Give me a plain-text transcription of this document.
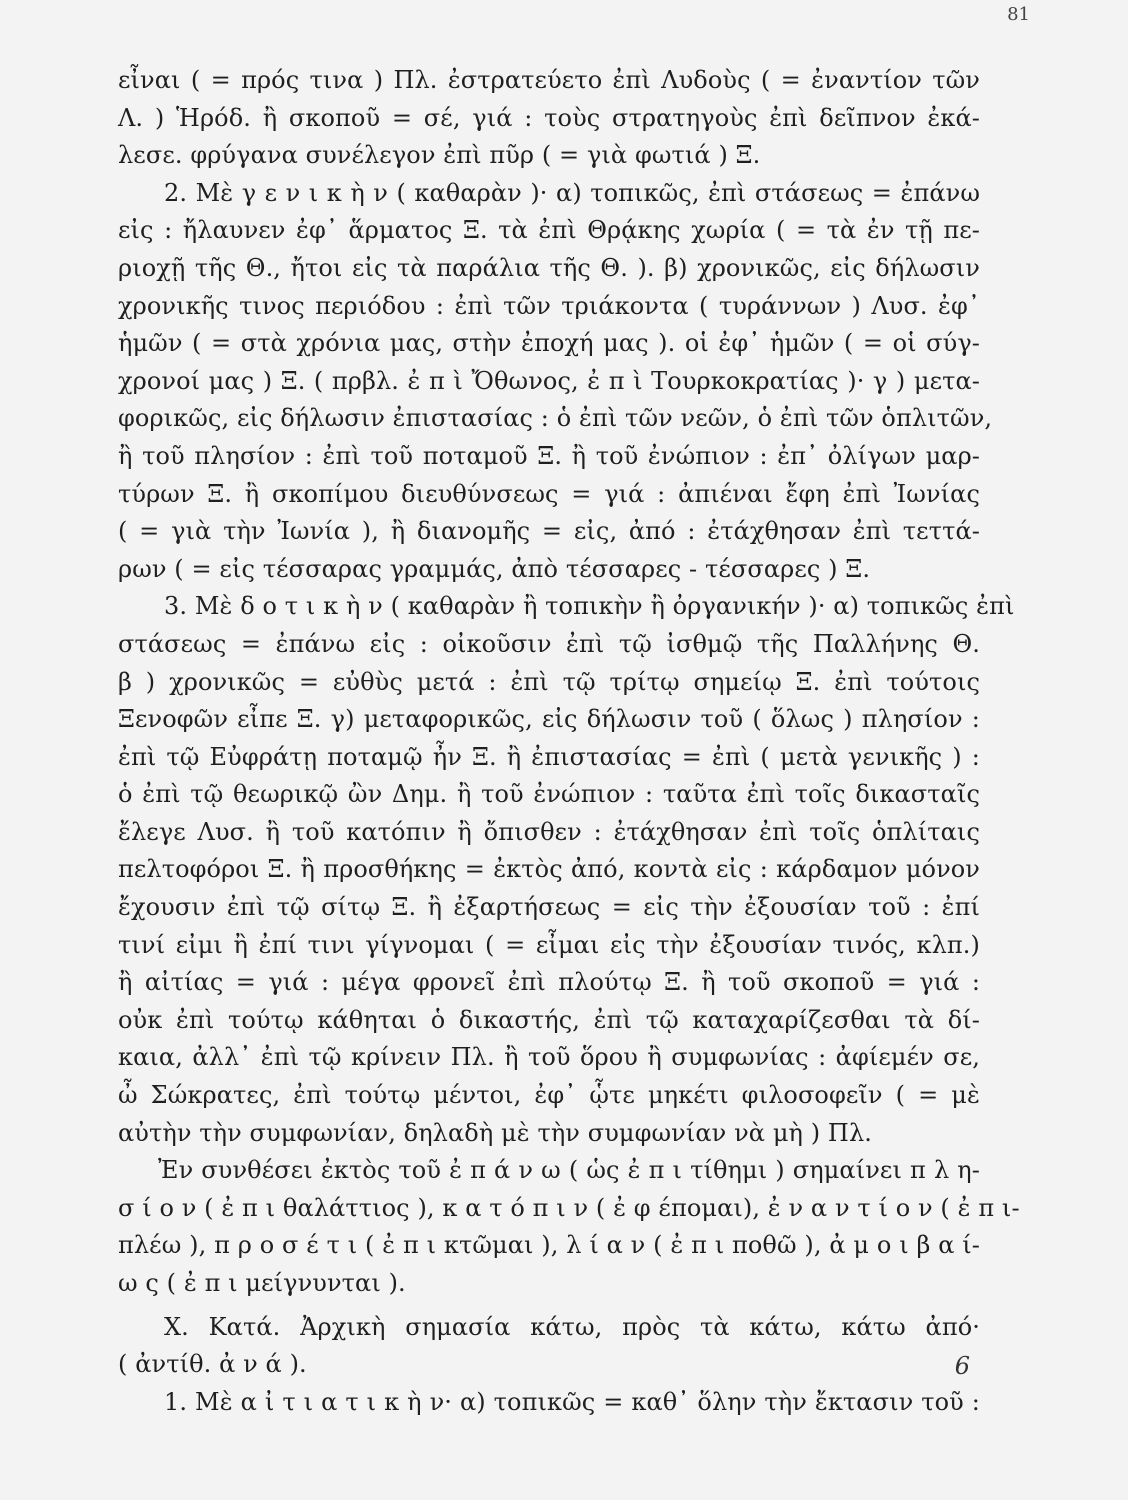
81
εἶναι ( = πρός τινα ) Πλ. ἐστρατεύετο ἐπὶ Λυδοὺς ( = ἐναντίον τῶν
Λ. ) Ἡρόδ. ἢ σκοποῦ = σέ, γιά : τοὺς στρατηγοὺς ἐπὶ δεῖπνον ἐκά-
λεσε. φρύγανα συνέλεγον ἐπὶ πῦρ ( = γιὰ φωτιά ) Ξ.
2. Μὲ γ ε ν ι κ ὴ ν ( καθαρὰν )· α) τοπικῶς, ἐπὶ στάσεως = ἐπάνω
εἰς : ἤλαυνεν ἐφ᾽ ἅρματος Ξ. τὰ ἐπὶ Θρᾴκης χωρία ( = τὰ ἐν τῇ πε-
ριοχῇ τῆς Θ., ἤτοι εἰς τὰ παράλια τῆς Θ. ). β) χρονικῶς, εἰς δήλωσιν
χρονικῆς τινος περιόδου : ἐπὶ τῶν τριάκοντα ( τυράννων ) Λυσ. ἐφ᾽
ἡμῶν ( = στὰ χρόνια μας, στὴν ἐποχή μας ). οἱ ἐφ᾽ ἡμῶν ( = οἱ σύγ-
χρονοί μας ) Ξ. ( πρβλ. ἐ π ὶ Ὄθωνος, ἐ π ὶ Τουρκοκρατίας )· γ ) μετα-
φορικῶς, εἰς δήλωσιν ἐπιστασίας : ὁ ἐπὶ τῶν νεῶν, ὁ ἐπὶ τῶν ὁπλιτῶν,
ἢ τοῦ πλησίον : ἐπὶ τοῦ ποταμοῦ Ξ. ἢ τοῦ ἐνώπιον : ἐπ᾽ ὀλίγων μαρ-
τύρων Ξ. ἢ σκοπίμου διευθύνσεως = γιά : ἀπιέναι ἔφη ἐπὶ Ἰωνίας
( = γιὰ τὴν Ἰωνία ), ἢ διανομῆς = εἰς, ἀπό : ἐτάχθησαν ἐπὶ τεττά-
ρων ( = εἰς τέσσαρας γραμμάς, ἀπὸ τέσσαρες - τέσσαρες ) Ξ.
3. Μὲ δ ο τ ι κ ὴ ν ( καθαρὰν ἢ τοπικὴν ἢ ὀργανικήν )· α) τοπικῶς ἐπὶ
στάσεως = ἐπάνω εἰς : οἰκοῦσιν ἐπὶ τῷ ἰσθμῷ τῆς Παλλήνης Θ.
β ) χρονικῶς = εὐθὺς μετά : ἐπὶ τῷ τρίτῳ σημείῳ Ξ. ἐπὶ τούτοις
Ξενοφῶν εἶπε Ξ. γ) μεταφορικῶς, εἰς δήλωσιν τοῦ ( ὅλως ) πλησίον :
ἐπὶ τῷ Εὐφράτῃ ποταμῷ ἦν Ξ. ἢ ἐπιστασίας = ἐπὶ ( μετὰ γενικῆς ) :
ὁ ἐπὶ τῷ θεωρικῷ ὢν Δημ. ἢ τοῦ ἐνώπιον : ταῦτα ἐπὶ τοῖς δικασταῖς
ἔλεγε Λυσ. ἢ τοῦ κατόπιν ἢ ὄπισθεν : ἐτάχθησαν ἐπὶ τοῖς ὁπλίταις
πελτοφόροι Ξ. ἢ προσθήκης = ἐκτὸς ἀπό, κοντὰ εἰς : κάρδαμον μόνον
ἔχουσιν ἐπὶ τῷ σίτῳ Ξ. ἢ ἐξαρτήσεως = εἰς τὴν ἐξουσίαν τοῦ : ἐπί
τινί εἰμι ἢ ἐπί τινι γίγνομαι ( = εἶμαι εἰς τὴν ἐξουσίαν τινός, κλπ.)
ἢ αἰτίας = γιά : μέγα φρονεῖ ἐπὶ πλούτῳ Ξ. ἢ τοῦ σκοποῦ = γιά :
οὐκ ἐπὶ τούτῳ κάθηται ὁ δικαστής, ἐπὶ τῷ καταχαρίζεσθαι τὰ δί-
καια, ἀλλ᾽ ἐπὶ τῷ κρίνειν Πλ. ἢ τοῦ ὅρου ἢ συμφωνίας : ἀφίεμέν σε,
ὦ Σώκρατες, ἐπὶ τούτῳ μέντοι, ἐφ᾽ ᾧτε μηκέτι φιλοσοφεῖν ( = μὲ
αὐτὴν τὴν συμφωνίαν, δηλαδὴ μὲ τὴν συμφωνίαν νὰ μὴ ) Πλ.
Ἐν συνθέσει ἐκτὸς τοῦ ἐ π ά ν ω ( ὡς ἐ π ι τίθημι ) σημαίνει π λ η-
σ ί ο ν ( ἐ π ι θαλάττιος ), κ α τ ό π ι ν ( ἐ φ έπομαι), ἐ ν α ν τ ί ο ν ( ἐ π ι-
πλέω ), π ρ ο σ έ τ ι ( ἐ π ι κτῶμαι ), λ ί α ν ( ἐ π ι ποθῶ ), ἀ μ ο ι β α ί-
ω ς ( ἐ π ι μείγνυνται ).
Χ. Κατά. Ἀρχικὴ σημασία κάτω, πρὸς τὰ κάτω, κάτω ἀπό·
( ἀντίθ. ἀ ν ά ).
1. Μὲ α ἰ τ ι α τ ι κ ὴ ν· α) τοπικῶς = καθ᾽ ὅλην τὴν ἔκτασιν τοῦ :
6
